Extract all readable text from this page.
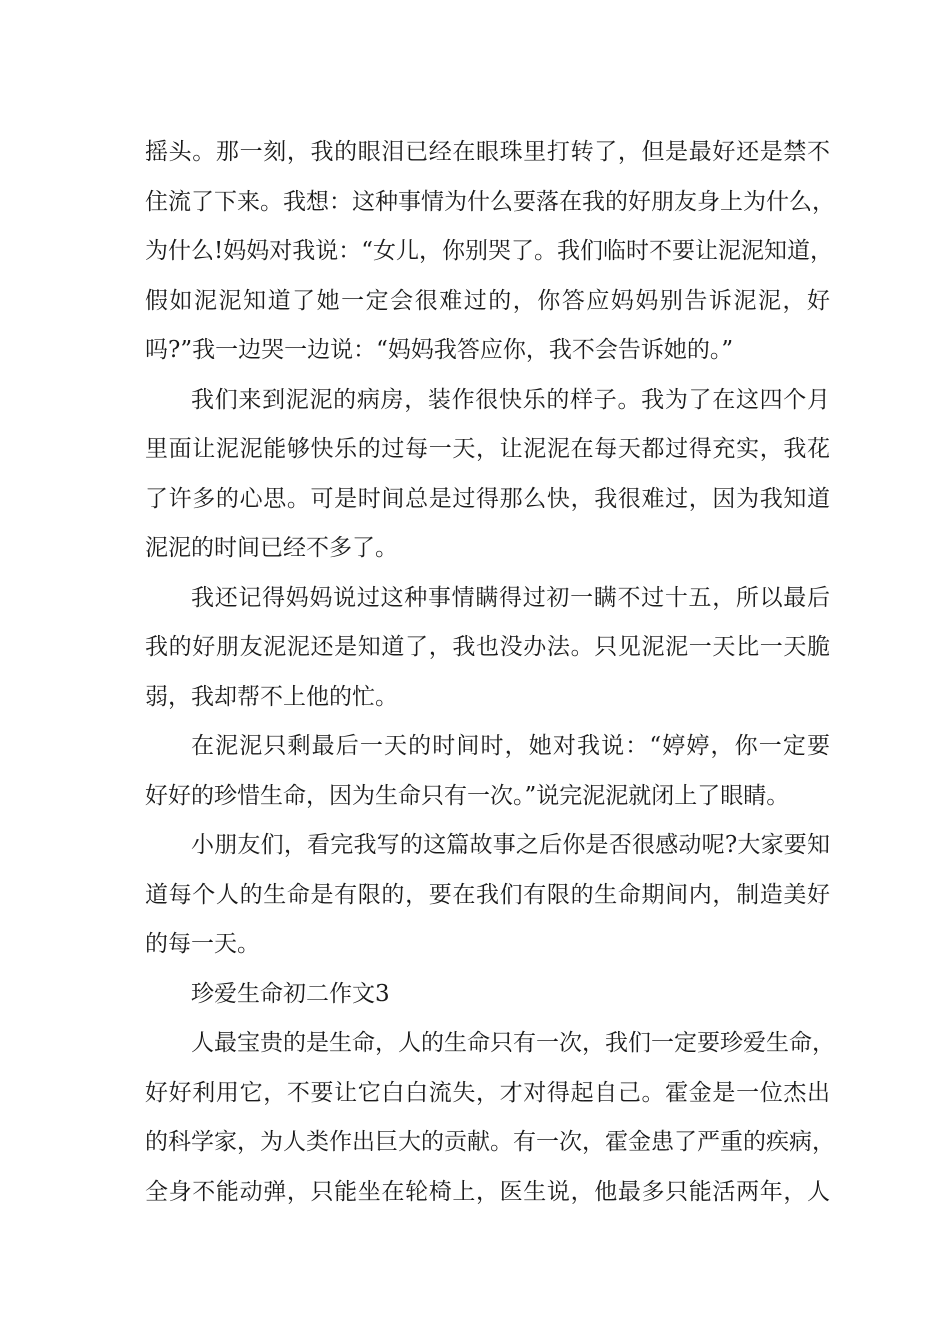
摇头。那一刻，我的眼泪已经在眼珠里打转了，但是最好还是禁不
住流了下来。我想：这种事情为什么要落在我的好朋友身上为什么，
为什么!妈妈对我说：“女儿，你别哭了。我们临时不要让泥泥知道，
假如泥泥知道了她一定会很难过的，你答应妈妈别告诉泥泥，好
吗?”我一边哭一边说：“妈妈我答应你，我不会告诉她的。”
我们来到泥泥的病房，装作很快乐的样子。我为了在这四个月
里面让泥泥能够快乐的过每一天，让泥泥在每天都过得充实，我花
了许多的心思。可是时间总是过得那么快，我很难过，因为我知道
泥泥的时间已经不多了。
我还记得妈妈说过这种事情瞒得过初一瞒不过十五，所以最后
我的好朋友泥泥还是知道了，我也没办法。只见泥泥一天比一天脆
弱，我却帮不上他的忙。
在泥泥只剩最后一天的时间时，她对我说：“婷婷，你一定要
好好的珍惜生命，因为生命只有一次。”说完泥泥就闭上了眼睛。
小朋友们，看完我写的这篇故事之后你是否很感动呢?大家要知
道每个人的生命是有限的，要在我们有限的生命期间内，制造美好
的每一天。
珍爱生命初二作文3
人最宝贵的是生命，人的生命只有一次，我们一定要珍爱生命，
好好利用它，不要让它白白流失，才对得起自己。霍金是一位杰出
的科学家，为人类作出巨大的贡献。有一次，霍金患了严重的疾病，
全身不能动弹，只能坐在轮椅上，医生说，他最多只能活两年，人
